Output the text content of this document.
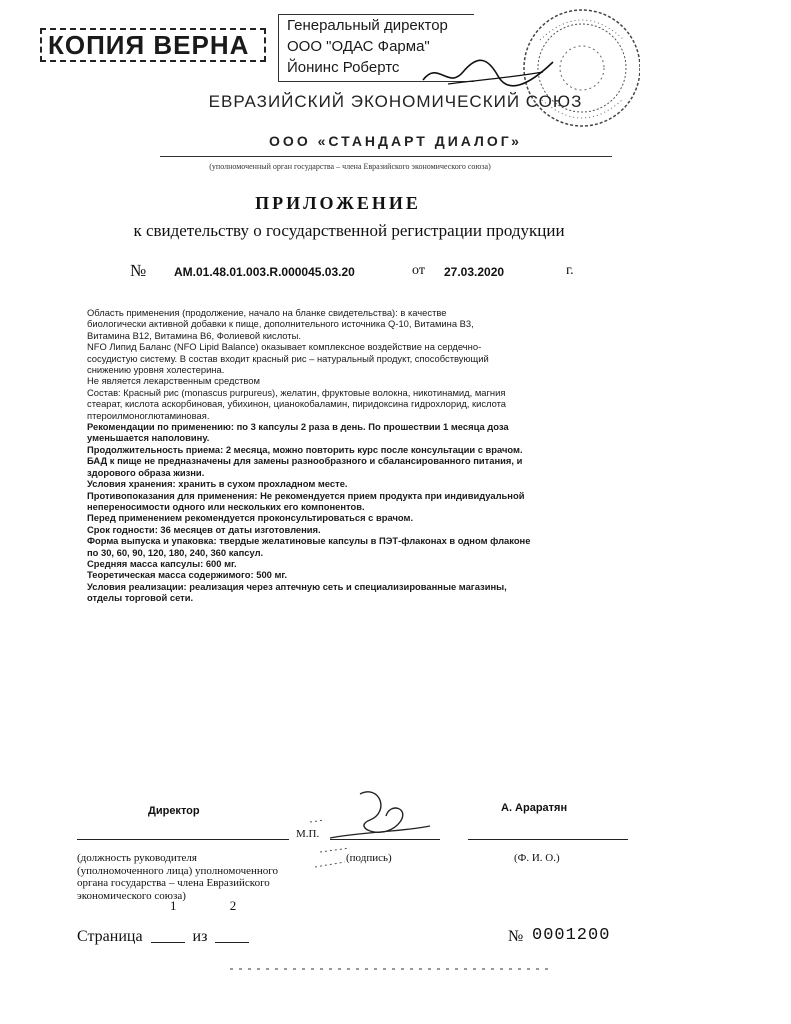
КОПИЯ ВЕРНА
Генеральный директор
ООО "ОДАС Фарма"
Йонинс Робертс
ЕВРАЗИЙСКИЙ ЭКОНОМИЧЕСКИЙ СОЮЗ
ООО «СТАНДАРТ ДИАЛОГ»
(уполномоченный орган государства – члена Евразийского экономического союза)
ПРИЛОЖЕНИЕ
к свидетельству о государственной регистрации продукции
№ AM.01.48.01.003.R.000045.03.20	от 27.03.2020	г.
Область применения (продолжение, начало на бланке свидетельства): в качестве
биологически активной добавки к пище, дополнительного источника Q-10, Витамина B3,
Витамина B12, Витамина B6, Фолиевой кислоты.
NFO Липид Баланс (NFO Lipid Balance) оказывает комплексное воздействие на сердечно-
сосудистую систему. В состав входит красный рис – натуральный продукт, способствующий
снижению уровня холестерина.
Не является лекарственным средством
Состав: Красный рис (monascus purpureus), желатин, фруктовые волокна, никотинамид, магния
стеарат, кислота аскорбиновая, убихинон, цианокобаламин, пиридоксина гидрохлорид, кислота
птероилмоноглютаминовая.
Рекомендации по применению: по 3 капсулы 2 раза в день. По прошествии 1 месяца доза
уменьшается наполовину.
Продолжительность приема: 2 месяца, можно повторить курс после консультации с врачом.
БАД к пище не предназначены для замены разнообразного и сбалансированного питания, и
здорового образа жизни.
Условия хранения: хранить в сухом прохладном месте.
Противопоказания для применения: Не рекомендуется прием продукта при индивидуальной
непереносимости одного или нескольких его компонентов.
Перед применением рекомендуется проконсультироваться с врачом.
Срок годности: 36 месяцев от даты изготовления.
Форма выпуска и упаковка: твердые желатиновые капсулы в ПЭТ-флаконах в одном флаконе
по 30, 60, 90, 120, 180, 240, 360 капсул.
Средняя масса капсулы: 600 мг.
Теоретическая масса содержимого: 500 мг.
Условия реализации: реализация через аптечную сеть и специализированные магазины,
отделы торговой сети.
Директор
М.П.
А. Араратян
(подпись)	(Ф. И. О.)
(должность руководителя
(уполномоченного лица) уполномоченного
органа государства – члена Евразийского
экономического союза)
1	2
Страница	из	№ 0001200
